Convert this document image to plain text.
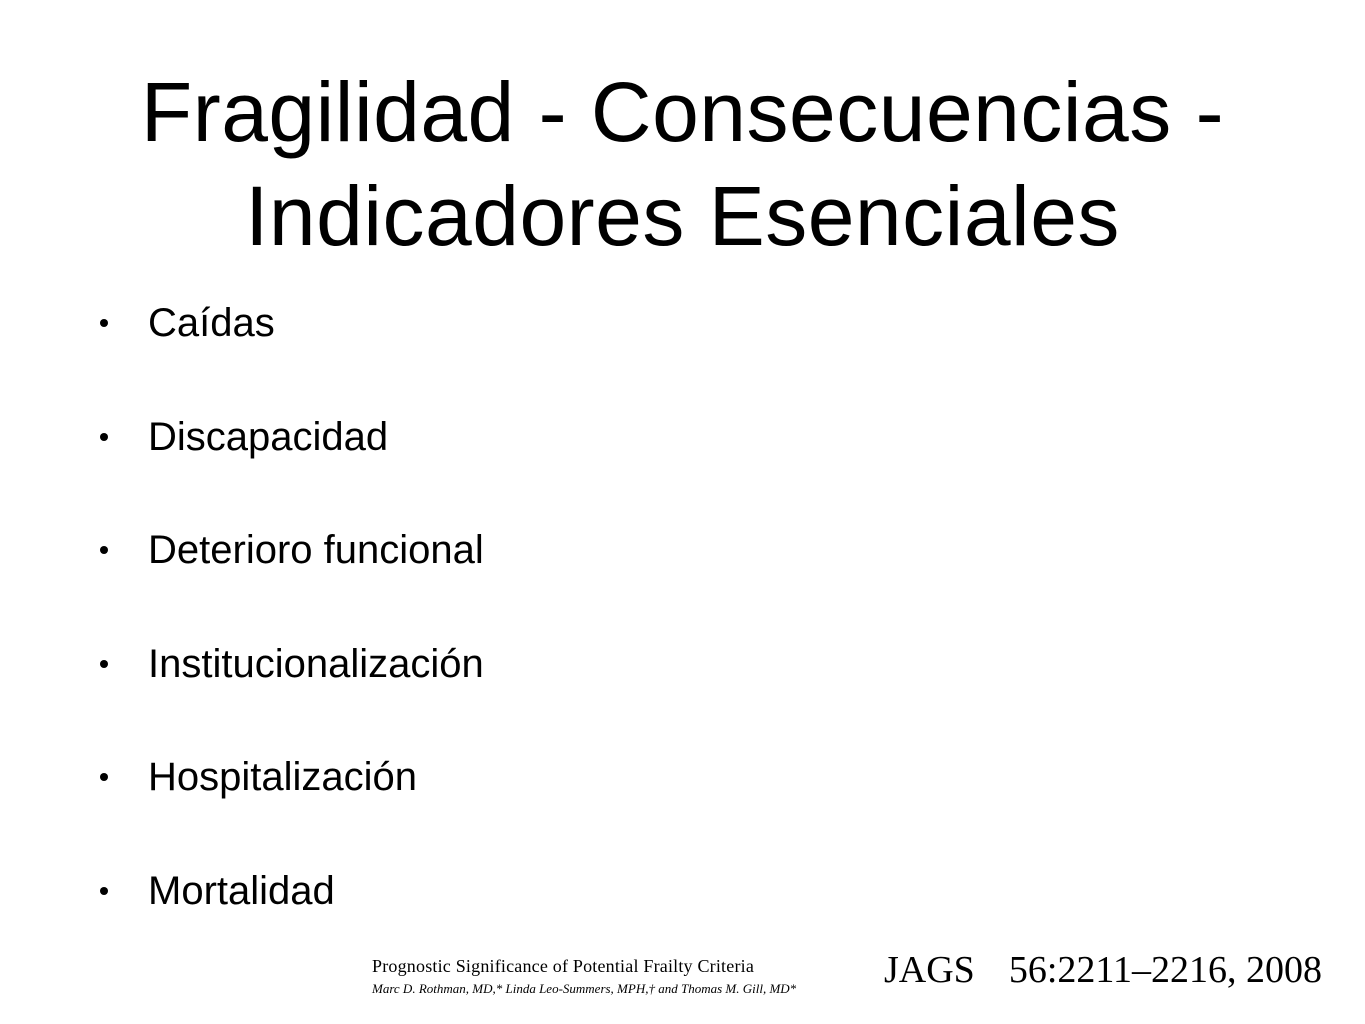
Fragilidad - Consecuencias -
Indicadores Esenciales
Caídas
Discapacidad
Deterioro funcional
Institucionalización
Hospitalización
Mortalidad
Prognostic Significance of Potential Frailty Criteria
Marc D. Rothman, MD,* Linda Leo-Summers, MPH,† and Thomas M. Gill, MD* JAGS 56:2211–2216, 2008
